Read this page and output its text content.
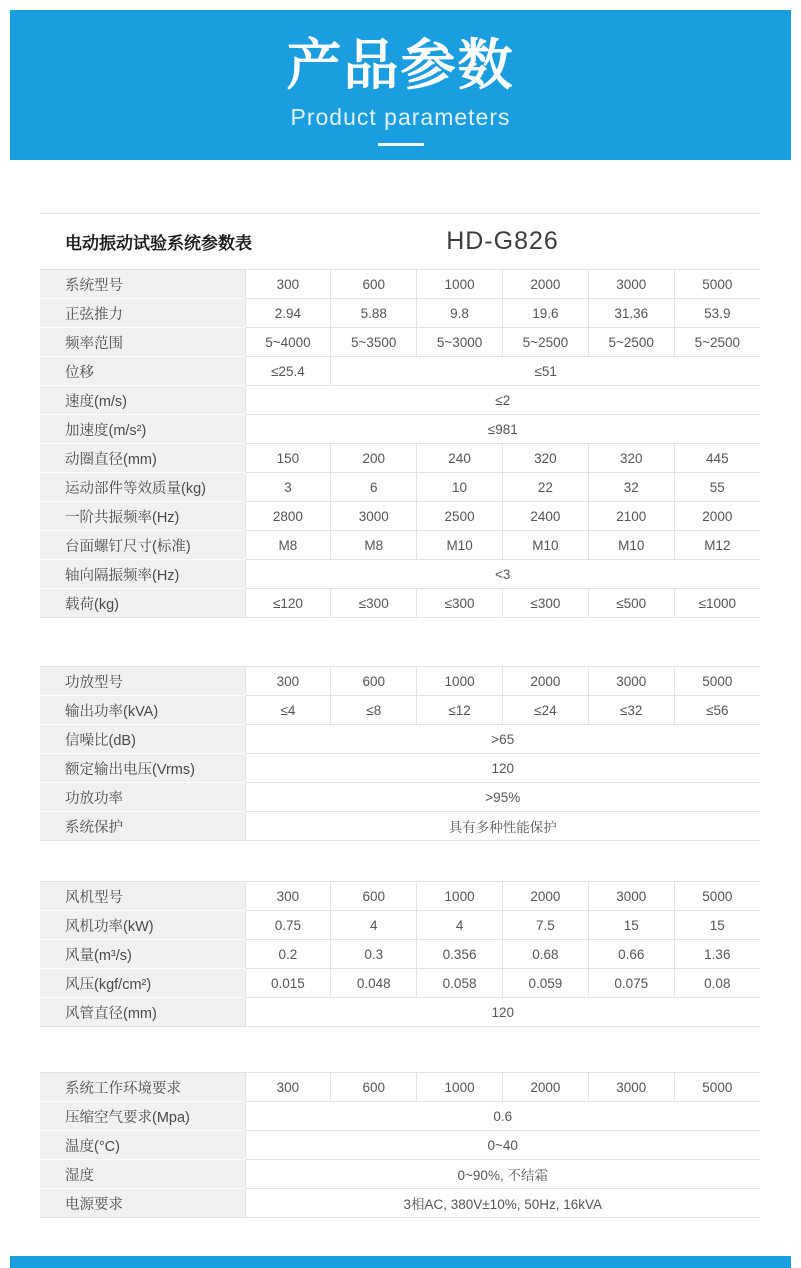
产品参数
Product parameters
电动振动试验系统参数表	HD-G826
系统型号	300	600	1000	2000	3000	5000
正弦推力	2.94	5.88	9.8	19.6	31.36	53.9
频率范围	5~4000	5~3500	5~3000	5~2500	5~2500	5~2500
位移	≤25.4	≤51				
速度(m/s)	≤2					
加速度(m/s²)	≤981					
动圈直径(mm)	150	200	240	320	320	445
运动部件等效质量(kg)	3	6	10	22	32	55
一阶共振频率(Hz)	2800	3000	2500	2400	2100	2000
台面螺钉尺寸(标准)	M8	M8	M10	M10	M10	M12
轴向隔振频率(Hz)	<3					
载荷(kg)	≤120	≤300	≤300	≤300	≤500	≤1000
功放型号	300	600	1000	2000	3000	5000
输出功率(kVA)	≤4	≤8	≤12	≤24	≤32	≤56
信噪比(dB)	>65					
额定输出电压(Vrms)	120					
功放功率	>95%					
系统保护	具有多种性能保护					
风机型号	300	600	1000	2000	3000	5000
风机功率(kW)	0.75	4	4	7.5	15	15
风量(m³/s)	0.2	0.3	0.356	0.68	0.66	1.36
风压(kgf/cm²)	0.015	0.048	0.058	0.059	0.075	0.08
风管直径(mm)	120					
系统工作环境要求	300	600	1000	2000	3000	5000
压缩空气要求(Mpa)	0.6					
温度(°C)	0~40					
湿度	0~90%, 不结霜					
电源要求	3相AC, 380V±10%, 50Hz, 16kVA					
